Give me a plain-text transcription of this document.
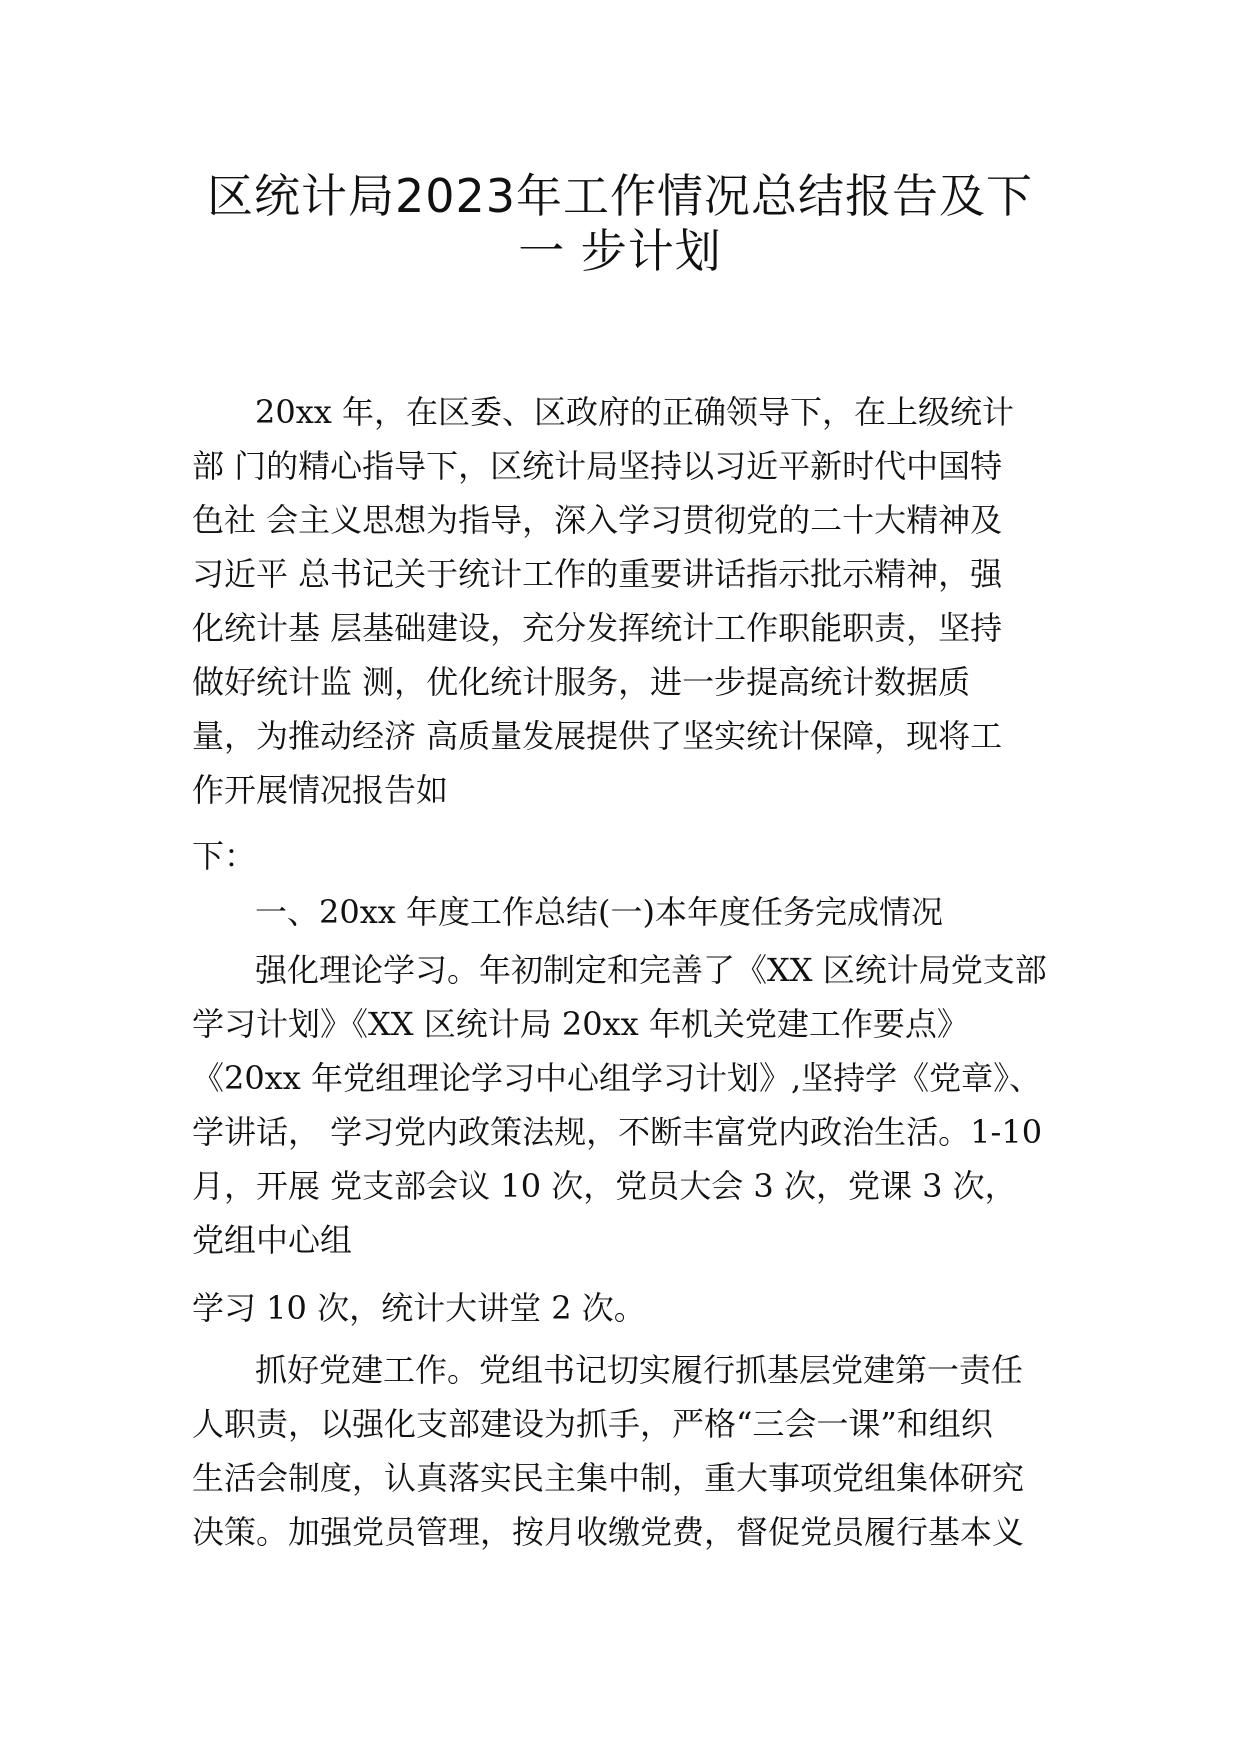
区统计局2023年工作情况总结报告及下
一 步计划

20xx 年，在区委、区政府的正确领导下，在上级统计

部 门的精心指导下，区统计局坚持以习近平新时代中国特

色社 会主义思想为指导，深入学习贯彻党的二十大精神及

习近平 总书记关于统计工作的重要讲话指示批示精神，强

化统计基 层基础建设，充分发挥统计工作职能职责，坚持

做好统计监 测，优化统计服务，进一步提高统计数据质

量，为推动经济 高质量发展提供了坚实统计保障，现将工

作开展情况报告如

下：

一、20xx 年度工作总结(一)本年度任务完成情况

强化理论学习。年初制定和完善了《XX 区统计局党支部

学习计划》《XX 区统计局 20xx 年机关党建工作要点》

《20xx 年党组理论学习中心组学习计划》,坚持学《党章》、

学讲话， 学习党内政策法规，不断丰富党内政治生活。1-10

月，开展 党支部会议 10 次，党员大会 3 次，党课 3 次，

党组中心组

学习 10 次，统计大讲堂 2 次。

抓好党建工作。党组书记切实履行抓基层党建第一责任

人职责，以强化支部建设为抓手，严格“三会一课”和组织

生活会制度，认真落实民主集中制，重大事项党组集体研究

决策。加强党员管理，按月收缴党费，督促党员履行基本义
